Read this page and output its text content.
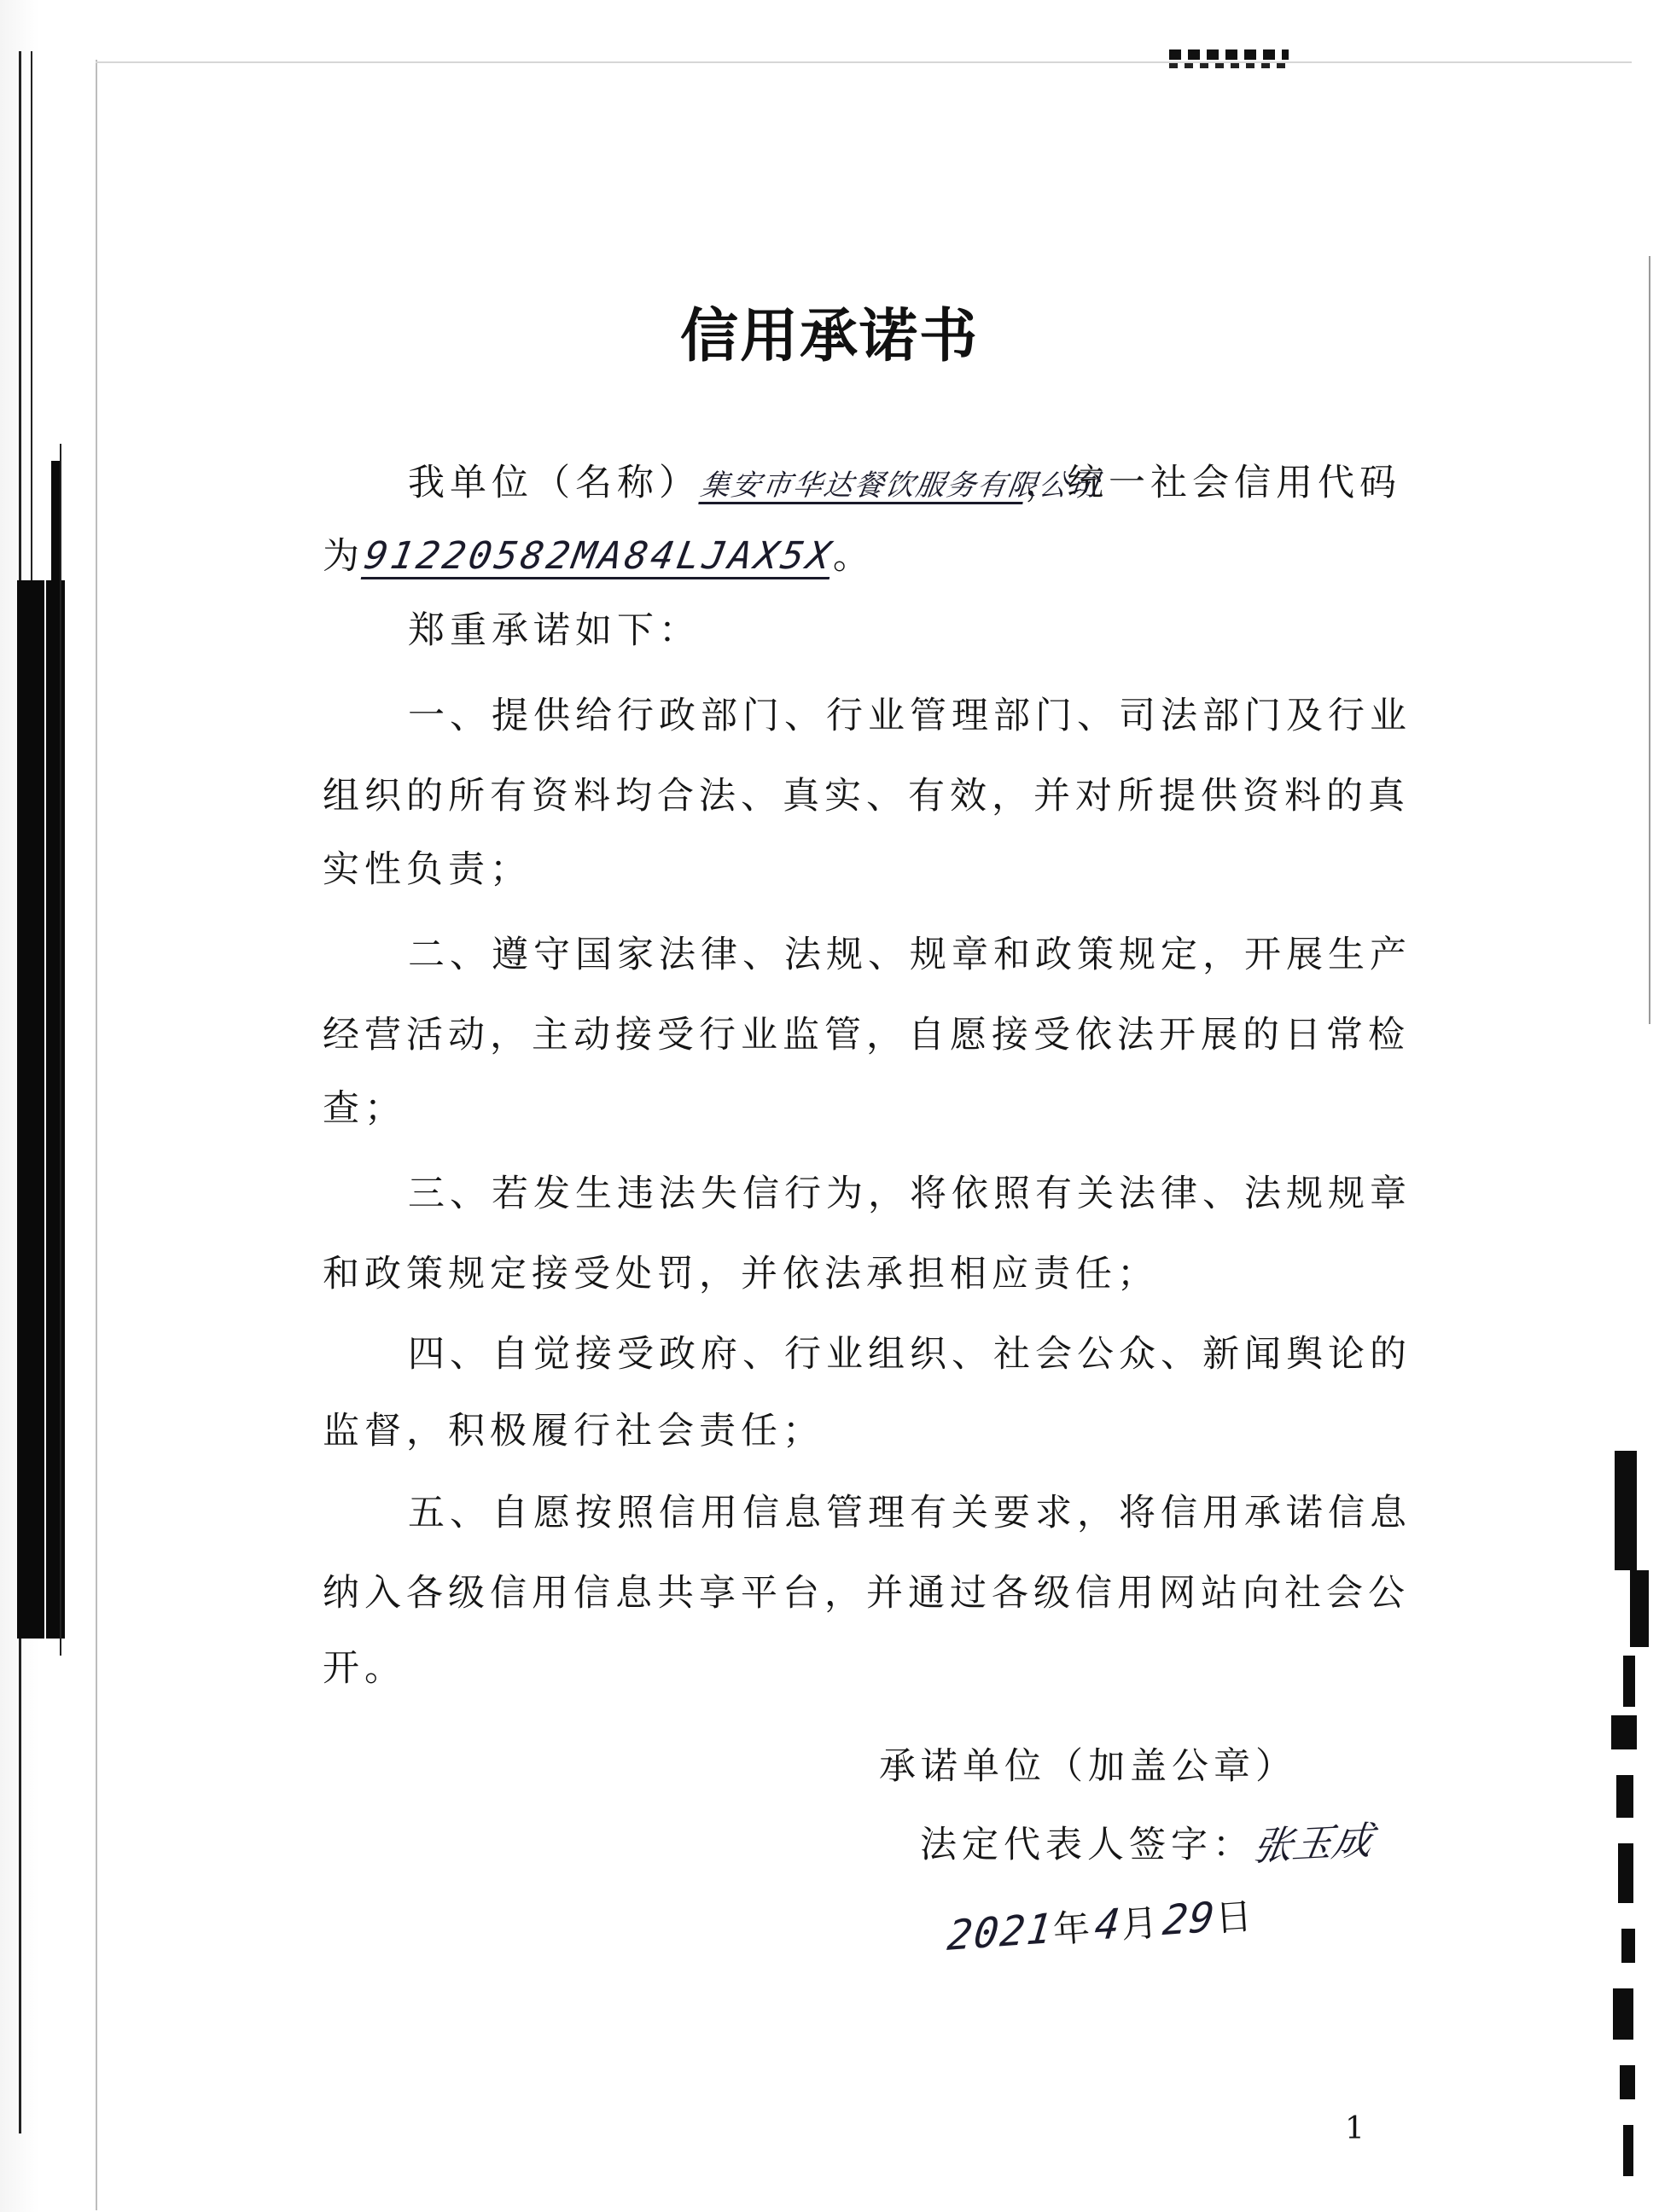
信用承诺书
我单位（名称）集安市华达餐饮服务有限公司，统一社会信用代码
为91220582MA84LJAX5X。
郑重承诺如下：
一、提供给行政部门、行业管理部门、司法部门及行业
组织的所有资料均合法、真实、有效，并对所提供资料的真
实性负责；
二、遵守国家法律、法规、规章和政策规定，开展生产
经营活动，主动接受行业监管，自愿接受依法开展的日常检
查；
三、若发生违法失信行为，将依照有关法律、法规规章
和政策规定接受处罚，并依法承担相应责任；
四、自觉接受政府、行业组织、社会公众、新闻舆论的
监督，积极履行社会责任；
五、自愿按照信用信息管理有关要求，将信用承诺信息
纳入各级信用信息共享平台，并通过各级信用网站向社会公
开。
承诺单位（加盖公章）
法定代表人签字：张玉成
2021年4月29日
1
